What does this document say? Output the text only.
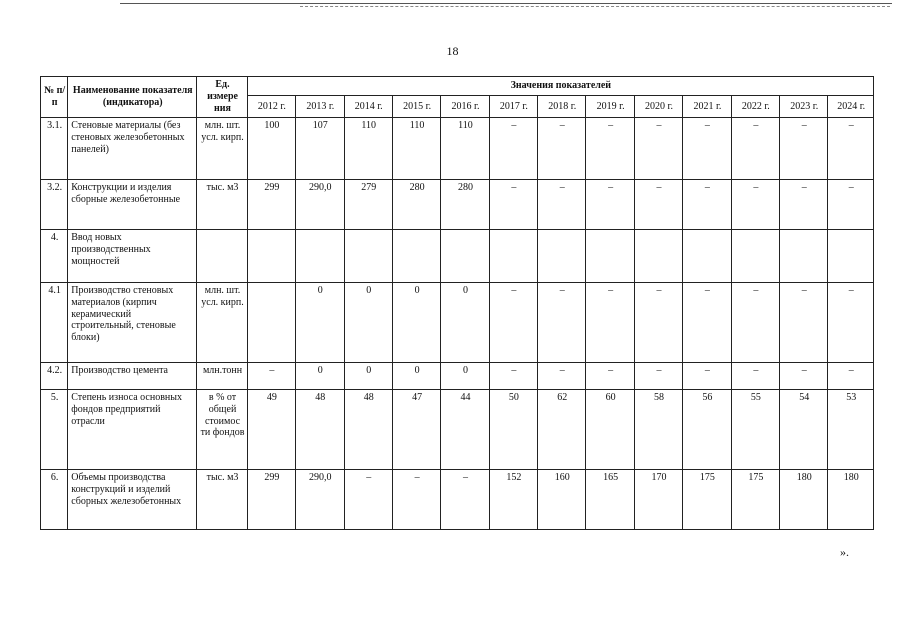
18
№ п/п	Наименование показателя (индикатора)	Ед. измере ния	Значения показателей												
			2012 г.	2013 г.	2014 г.	2015 г.	2016 г.	2017 г.	2018 г.	2019 г.	2020 г.	2021 г.	2022 г.	2023 г.	2024 г.
3.1.	Стеновые материалы (без стеновых железобетонных панелей)	млн. шт. усл. кирп.	100	107	110	110	110	–	–	–	–	–	–	–	–
3.2.	Конструкции и изделия сборные железобетонные	тыс. м3	299	290,0	279	280	280	–	–	–	–	–	–	–	–
4.	Ввод новых производственных мощностей														
4.1	Производство стеновых материалов (кирпич керамический строительный, стеновые блоки)	млн. шт. усл. кирп.		0	0	0	0	–	–	–	–	–	–	–	–
4.2.	Производство цемента	млн.тонн	–	0	0	0	0	–	–	–	–	–	–	–	–
5.	Степень износа основных фондов предприятий отрасли	в % от общей стоимос ти фондов	49	48	48	47	44	50	62	60	58	56	55	54	53
6.	Объемы производства конструкций и изделий сборных железобетонных	тыс. м3	299	290,0	–	–	–	152	160	165	170	175	175	180	180
».
